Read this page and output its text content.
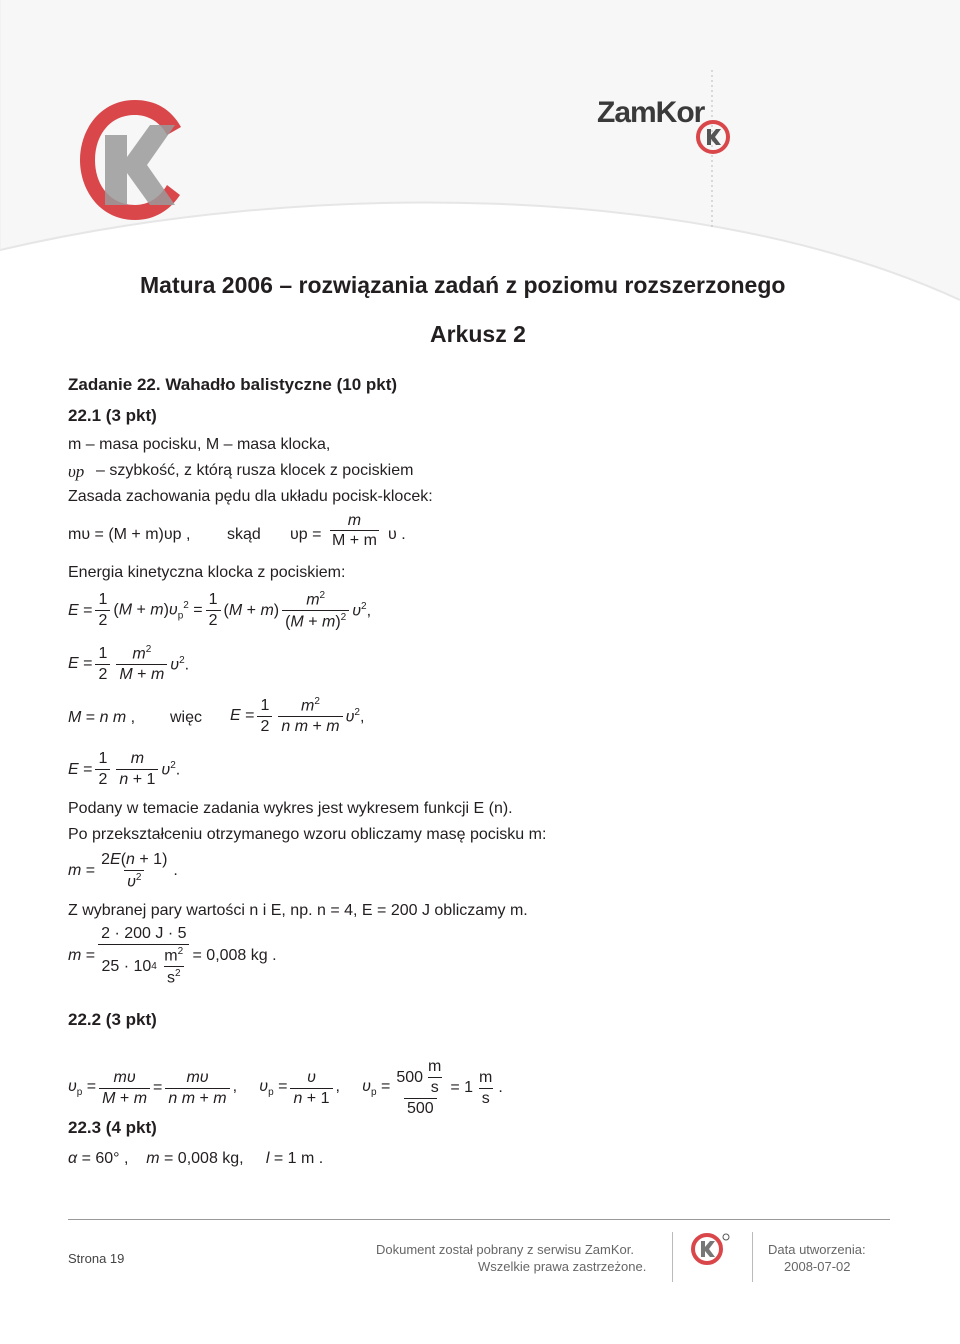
ZamKor
Matura 2006 – rozwiązania zadań z poziomu rozszerzonego
Arkusz 2
Zadanie 22. Wahadło balistyczne (10 pkt)
22.1 (3 pkt)
m – masa pocisku, M – masa klocka,
υp – szybkość, z którą rusza klocek z pociskiem
Zasada zachowania pędu dla układu pocisk-klocek:
mυ = (M + m)υp , skąd $\upsilon p = \frac{m}{M + m}$ υ .
Energia kinetyczna klocka z pociskiem:
$E = \frac{1}{2} (M + m)\upsilon_p^2 = \frac{1}{2} (M + m) \frac{m^2}{(M + m)^2} \upsilon^2$,
$E = \frac{1}{2} \frac{m^2}{M + m} \upsilon^2$.
M = n m , więc $E = \frac{1}{2} \frac{m^2}{\text{n m + m}} \upsilon^2$,
$E = \frac{1}{2} \frac{m}{n + 1} \upsilon^2$.
Podany w temacie zadania wykres jest wykresem funkcji E (n).
Po przekształceniu otrzymanego wzoru obliczamy masę pocisku m:
$m = \frac{2E(n + 1)}{\upsilon^2}$ .
Z wybranej pary wartości n i E, np. n = 4, E = 200 J obliczamy m.
m = 2 · 200 J · 5
25 · 10 4
$\frac{m^2}{s^2} = 0,008$ kg .
22.2 (3 pkt)
$\upsilon_p = \frac{m\upsilon}{M + m} = \frac{m\upsilon}{\text{n m + m}}$ ,     $\upsilon_p = \frac{\upsilon}{n + 1}$ ,     $\upsilon_p = \frac{500 \frac{m}{s}}{500} = 1 \frac{m}{s}$ .
22.3 (4 pkt)
α = 60° ,    m = 0,008 kg,     l = 1 m .
Strona 19
Dokument został pobrany z serwisu ZamKor.
Wszelkie prawa zastrzeżone.
Data utworzenia:
2008-07-02
